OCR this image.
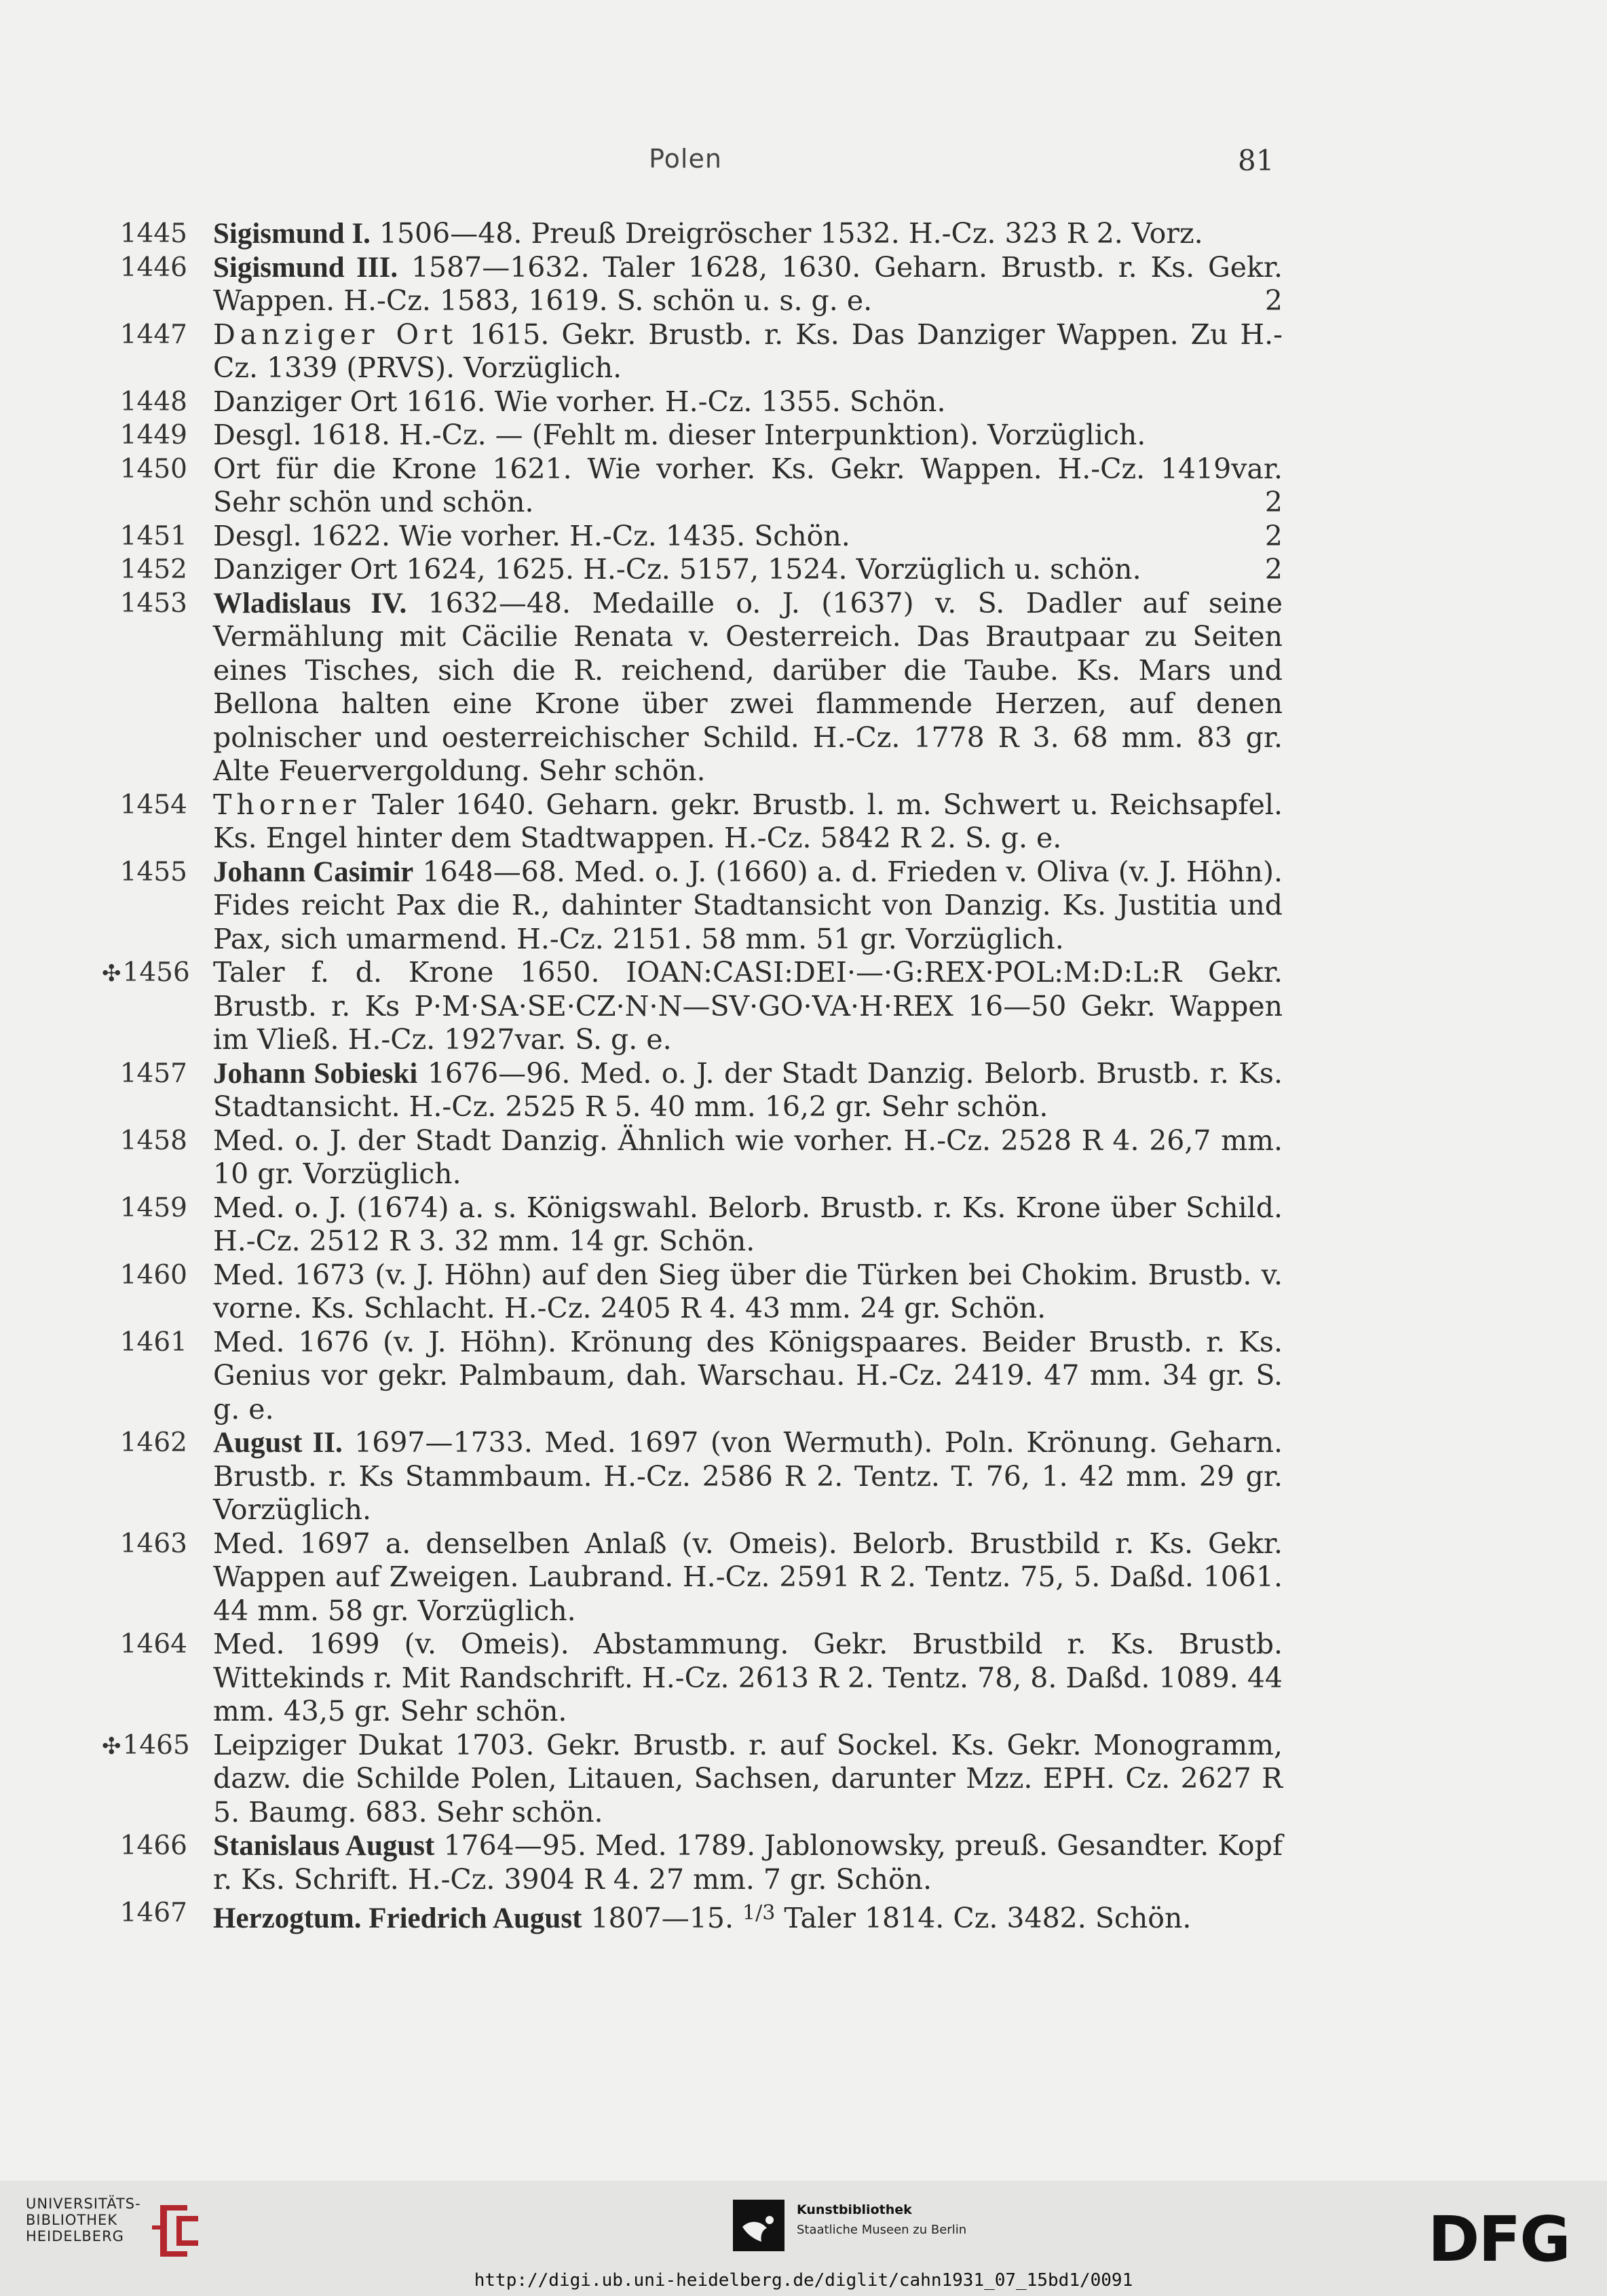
Polen	81
1445 Sigismund I. 1506—48. Preuß Dreigröscher 1532. H.-Cz. 323 R 2. Vorz.
1446 Sigismund III. 1587—1632. Taler 1628, 1630. Geharn. Brustb. r. Ks. Gekr. Wappen. H.-Cz. 1583, 1619. S. schön u. s. g. e.	2
1447 Danziger Ort 1615. Gekr. Brustb. r. Ks. Das Danziger Wappen. Zu H.-Cz. 1339 (PRVS). Vorzüglich.
1448 Danziger Ort 1616. Wie vorher. H.-Cz. 1355. Schön.
1449 Desgl. 1618. H.-Cz. — (Fehlt m. dieser Interpunktion). Vorzüglich.
1450 Ort für die Krone 1621. Wie vorher. Ks. Gekr. Wappen. H.-Cz. 1419var. Sehr schön und schön.	2
1451 Desgl. 1622. Wie vorher. H.-Cz. 1435. Schön.	2
1452 Danziger Ort 1624, 1625. H.-Cz. 5157, 1524. Vorzüglich u. schön.	2
1453 Wladislaus IV. 1632—48. Medaille o. J. (1637) v. S. Dadler auf seine Vermählung mit Cäcilie Renata v. Oesterreich. Das Brautpaar zu Seiten eines Tisches, sich die R. reichend, darüber die Taube. Ks. Mars und Bellona halten eine Krone über zwei flammende Herzen, auf denen polnischer und oesterreichischer Schild. H.-Cz. 1778 R 3. 68 mm. 83 gr. Alte Feuervergoldung. Sehr schön.
1454 Thorner Taler 1640. Geharn. gekr. Brustb. l. m. Schwert u. Reichsapfel. Ks. Engel hinter dem Stadtwappen. H.-Cz. 5842 R 2. S. g. e.
1455 Johann Casimir 1648—68. Med. o. J. (1660) a. d. Frieden v. Oliva (v. J. Höhn). Fides reicht Pax die R., dahinter Stadtansicht von Danzig. Ks. Justitia und Pax, sich umarmend. H.-Cz. 2151. 58 mm. 51 gr. Vorzüglich.
✣1456 Taler f. d. Krone 1650. IOAN:CASI:DEI·—·G:REX·POL:M:D:L:R Gekr. Brustb. r. Ks P·M·SA·SE·CZ·N·N—SV·GO·VA·H·REX 16—50 Gekr. Wappen im Vließ. H.-Cz. 1927var. S. g. e.
1457 Johann Sobieski 1676—96. Med. o. J. der Stadt Danzig. Belorb. Brustb. r. Ks. Stadtansicht. H.-Cz. 2525 R 5. 40 mm. 16,2 gr. Sehr schön.
1458 Med. o. J. der Stadt Danzig. Ähnlich wie vorher. H.-Cz. 2528 R 4. 26,7 mm. 10 gr. Vorzüglich.
1459 Med. o. J. (1674) a. s. Königswahl. Belorb. Brustb. r. Ks. Krone über Schild. H.-Cz. 2512 R 3. 32 mm. 14 gr. Schön.
1460 Med. 1673 (v. J. Höhn) auf den Sieg über die Türken bei Chokim. Brustb. v. vorne. Ks. Schlacht. H.-Cz. 2405 R 4. 43 mm. 24 gr. Schön.
1461 Med. 1676 (v. J. Höhn). Krönung des Königspaares. Beider Brustb. r. Ks. Genius vor gekr. Palmbaum, dah. Warschau. H.-Cz. 2419. 47 mm. 34 gr. S. g. e.
1462 August II. 1697—1733. Med. 1697 (von Wermuth). Poln. Krönung. Geharn. Brustb. r. Ks Stammbaum. H.-Cz. 2586 R 2. Tentz. T. 76, 1. 42 mm. 29 gr. Vorzüglich.
1463 Med. 1697 a. denselben Anlaß (v. Omeis). Belorb. Brustbild r. Ks. Gekr. Wappen auf Zweigen. Laubrand. H.-Cz. 2591 R 2. Tentz. 75, 5. Daßd. 1061. 44 mm. 58 gr. Vorzüglich.
1464 Med. 1699 (v. Omeis). Abstammung. Gekr. Brustbild r. Ks. Brustb. Wittekinds r. Mit Randschrift. H.-Cz. 2613 R 2. Tentz. 78, 8. Daßd. 1089. 44 mm. 43,5 gr. Sehr schön.
✣1465 Leipziger Dukat 1703. Gekr. Brustb. r. auf Sockel. Ks. Gekr. Monogramm, dazw. die Schilde Polen, Litauen, Sachsen, darunter Mzz. EPH. Cz. 2627 R 5. Baumg. 683. Sehr schön.
1466 Stanislaus August 1764—95. Med. 1789. Jablonowsky, preuß. Gesandter. Kopf r. Ks. Schrift. H.-Cz. 3904 R 4. 27 mm. 7 gr. Schön.
1467 Herzogtum. Friedrich August 1807—15. $^{1/3}$ Taler 1814. Cz. 3482. Schön.
UNIVERSITÄTS-
BIBLIOTHEK
HEIDELBERG
Kunstbibliothek
Staatliche Museen zu Berlin	DFG
http://digi.ub.uni-heidelberg.de/diglit/cahn1931_07_15bd1/0091
